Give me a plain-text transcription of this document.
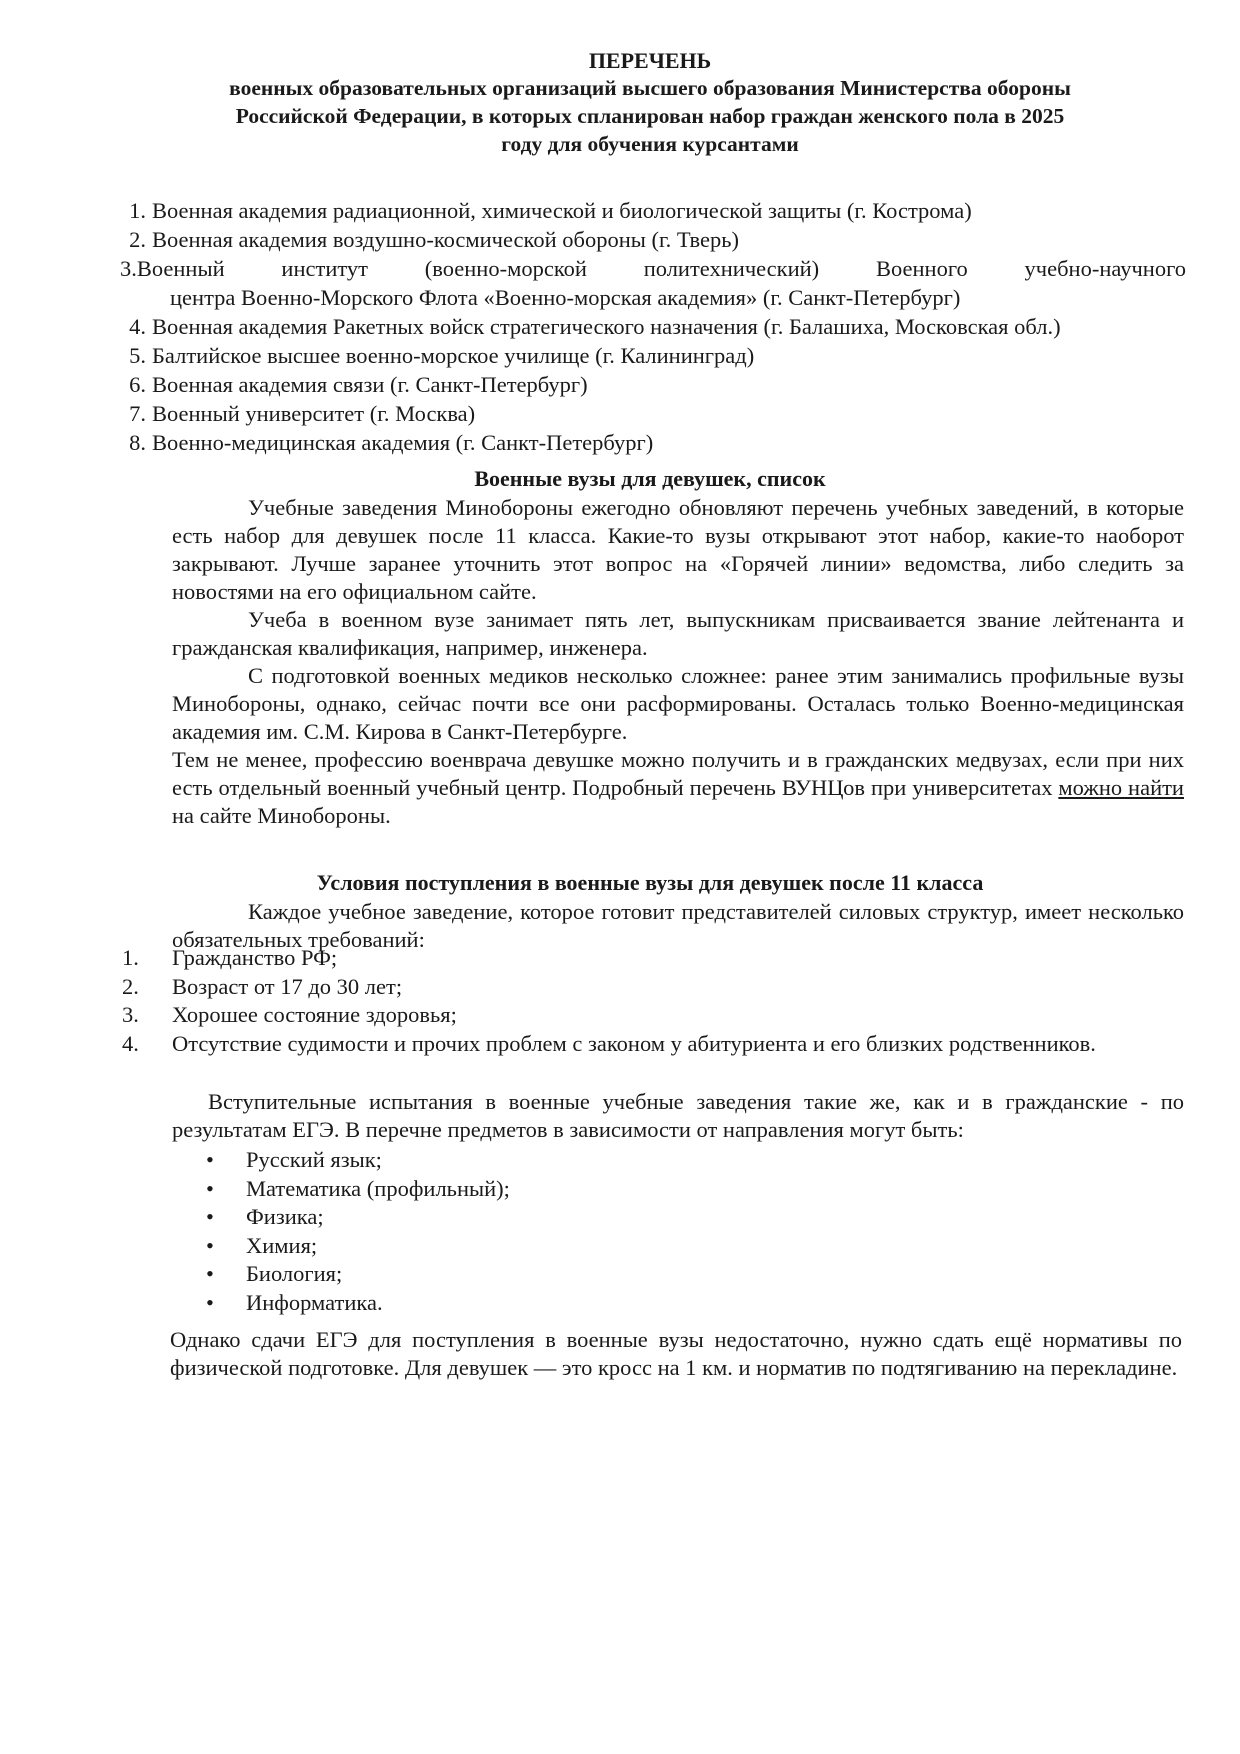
ПЕРЕЧЕНЬ
военных образовательных организаций высшего образования Министерства обороны
Российской Федерации, в которых спланирован набор граждан женского пола в 2025
году для обучения курсантами
1. Военная академия радиационной, химической и биологической защиты (г. Кострома)
2. Военная академия воздушно-космической обороны (г. Тверь)
3.Военный институт (военно-морской политехнический) Военного учебно-научного
центра Военно-Морского Флота «Военно-морская академия» (г. Санкт-Петербург)
4. Военная академия Ракетных войск стратегического назначения (г. Балашиха, Московская обл.)
5. Балтийское высшее военно-морское училище (г. Калининград)
6. Военная академия связи (г. Санкт-Петербург)
7. Военный университет (г. Москва)
8. Военно-медицинская академия (г. Санкт-Петербург)
Военные вузы для девушек, список
Учебные заведения Минобороны ежегодно обновляют перечень учебных заведений, в которые есть набор для девушек после 11 класса. Какие-то вузы открывают этот набор, какие-то наоборот закрывают. Лучше заранее уточнить этот вопрос на «Горячей линии» ведомства, либо следить за новостями на его официальном сайте.
Учеба в военном вузе занимает пять лет, выпускникам присваивается звание лейтенанта и гражданская квалификация, например, инженера.
С подготовкой военных медиков несколько сложнее: ранее этим занимались профильные вузы Минобороны, однако, сейчас почти все они расформированы. Осталась только Военно-медицинская академия им. С.М. Кирова в Санкт-Петербурге.
Тем не менее, профессию военврача девушке можно получить и в гражданских медвузах, если при них есть отдельный военный учебный центр. Подробный перечень ВУНЦов при университетах можно найти на сайте Минобороны.
Условия поступления в военные вузы для девушек после 11 класса
Каждое учебное заведение, которое готовит представителей силовых структур, имеет несколько обязательных требований:
1.	Гражданство РФ;
2.	Возраст от 17 до 30 лет;
3.	Хорошее состояние здоровья;
4.	Отсутствие судимости и прочих проблем с законом у абитуриента и его близких родственников.
Вступительные испытания в военные учебные заведения такие же, как и в гражданские - по результатам ЕГЭ. В перечне предметов в зависимости от направления могут быть:
•	Русский язык;
•	Математика (профильный);
•	Физика;
•	Химия;
•	Биология;
•	Информатика.
Однако сдачи ЕГЭ для поступления в военные вузы недостаточно, нужно сдать ещё нормативы по физической подготовке. Для девушек — это кросс на 1 км. и норматив по подтягиванию на перекладине.
